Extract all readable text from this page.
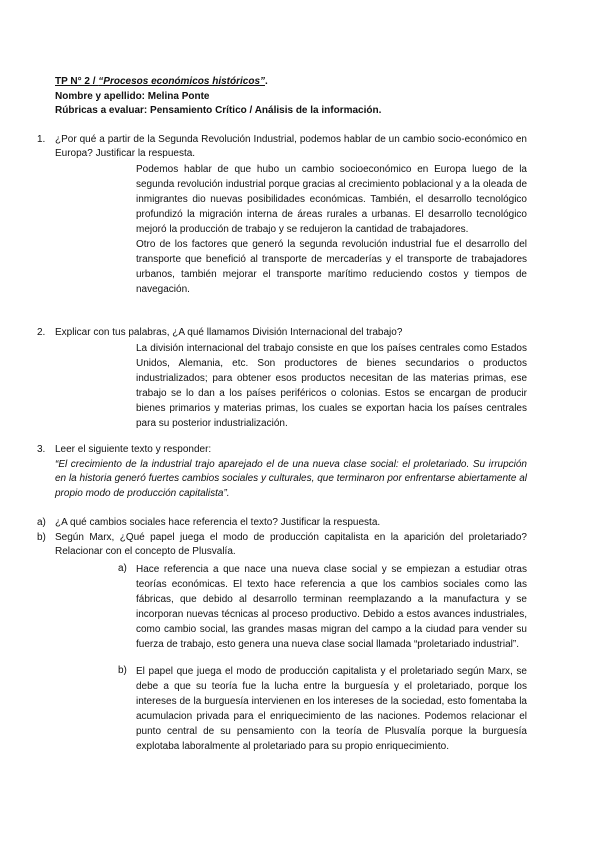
TP N° 2 / “Procesos económicos históricos”.
Nombre y apellido: Melina Ponte
Rúbricas a evaluar: Pensamiento Crítico / Análisis de la información.
1. ¿Por qué a partir de la Segunda Revolución Industrial, podemos hablar de un cambio socio-económico en Europa? Justificar la respuesta.

Podemos hablar de que hubo un cambio socioeconómico en Europa luego de la segunda revolución industrial porque gracias al crecimiento poblacional y a la oleada de inmigrantes dio nuevas posibilidades económicas. También, el desarrollo tecnológico profundizó la migración interna de áreas rurales a urbanas. El desarrollo tecnológico mejoró la producción de trabajo y se redujeron la cantidad de trabajadores.

Otro de los factores que generó la segunda revolución industrial fue el desarrollo del transporte que benefició al transporte de mercaderías y el transporte de trabajadores urbanos, también mejorar el transporte marítimo reduciendo costos y tiempos de navegación.

2. Explicar con tus palabras, ¿A qué llamamos División Internacional del trabajo?
La división internacional del trabajo consiste en que los países centrales como Estados Unidos, Alemania, etc. Son productores de bienes secundarios o productos industrializados; para obtener esos productos necesitan de las materias primas, ese trabajo se lo dan a los países periféricos o colonias. Estos se encargan de producir bienes primarios y materias primas, los cuales se exportan hacia los países centrales para su posterior industrialización.
3. Leer el siguiente texto y responder:
“El crecimiento de la industrial trajo aparejado el de una nueva clase social: el proletariado. Su irrupción en la historia generó fuertes cambios sociales y culturales, que terminaron por enfrentarse abiertamente al propio modo de producción capitalista”.
a) ¿A qué cambios sociales hace referencia el texto? Justificar la respuesta.
b) Según Marx, ¿Qué papel juega el modo de producción capitalista en la aparición del proletariado? Relacionar con el concepto de Plusvalía.
a) Hace referencia a que nace una nueva clase social y se empiezan a estudiar otras teorías económicas. El texto hace referencia a que los cambios sociales como las fábricas, que debido al desarrollo terminan reemplazando a la manufactura y se incorporan nuevas técnicas al proceso productivo. Debido a estos avances industriales, como cambio social, las grandes masas migran del campo a la ciudad para vender su fuerza de trabajo, esto genera una nueva clase social llamada “proletariado industrial”.
b) El papel que juega el modo de producción capitalista y el proletariado según Marx, se debe a que su teoría fue la lucha entre la burguesía y el proletariado, porque los intereses de la burguesía intervienen en los intereses de la sociedad, esto fomentaba la acumulacion privada para el enriquecimiento de las naciones. Podemos relacionar el punto central de su pensamiento con la teoría de Plusvalía porque la burguesía explotaba laboralmente al proletariado para su propio enriquecimiento.
